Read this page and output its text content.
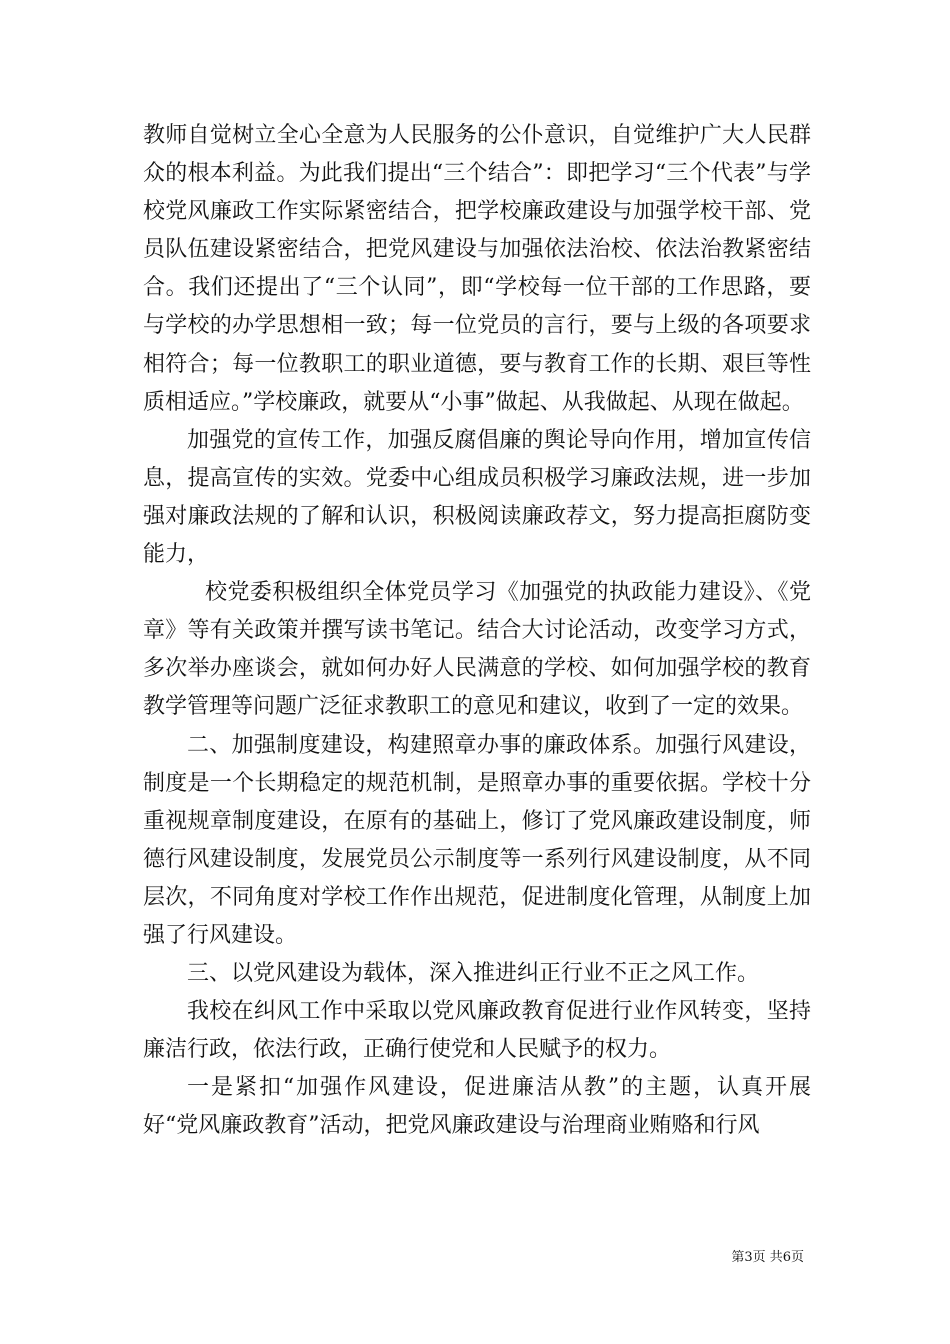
教师自觉树立全心全意为人民服务的公仆意识，自觉维护广大人民群众的根本利益。为此我们提出“三个结合”：即把学习“三个代表”与学校党风廉政工作实际紧密结合，把学校廉政建设与加强学校干部、党员队伍建设紧密结合，把党风建设与加强依法治校、依法治教紧密结合。我们还提出了“三个认同”，即“学校每一位干部的工作思路，要与学校的办学思想相一致；每一位党员的言行，要与上级的各项要求相符合；每一位教职工的职业道德，要与教育工作的长期、艰巨等性质相适应。”学校廉政，就要从“小事”做起、从我做起、从现在做起。

加强党的宣传工作，加强反腐倡廉的舆论导向作用，增加宣传信息，提高宣传的实效。党委中心组成员积极学习廉政法规，进一步加强对廉政法规的了解和认识，积极阅读廉政荐文，努力提高拒腐防变能力，

校党委积极组织全体党员学习《加强党的执政能力建设》、《党章》等有关政策并撰写读书笔记。结合大讨论活动，改变学习方式，多次举办座谈会，就如何办好人民满意的学校、如何加强学校的教育教学管理等问题广泛征求教职工的意见和建议，收到了一定的效果。

二、加强制度建设，构建照章办事的廉政体系。加强行风建设，制度是一个长期稳定的规范机制，是照章办事的重要依据。学校十分重视规章制度建设，在原有的基础上，修订了党风廉政建设制度，师德行风建设制度，发展党员公示制度等一系列行风建设制度，从不同层次，不同角度对学校工作作出规范，促进制度化管理，从制度上加强了行风建设。

三、以党风建设为载体，深入推进纠正行业不正之风工作。

我校在纠风工作中采取以党风廉政教育促进行业作风转变，坚持廉洁行政，依法行政，正确行使党和人民赋予的权力。

一是紧扣“加强作风建设，促进廉洁从教”的主题，认真开展好“党风廉政教育”活动，把党风廉政建设与治理商业贿赂和行风

第3页 共6页
